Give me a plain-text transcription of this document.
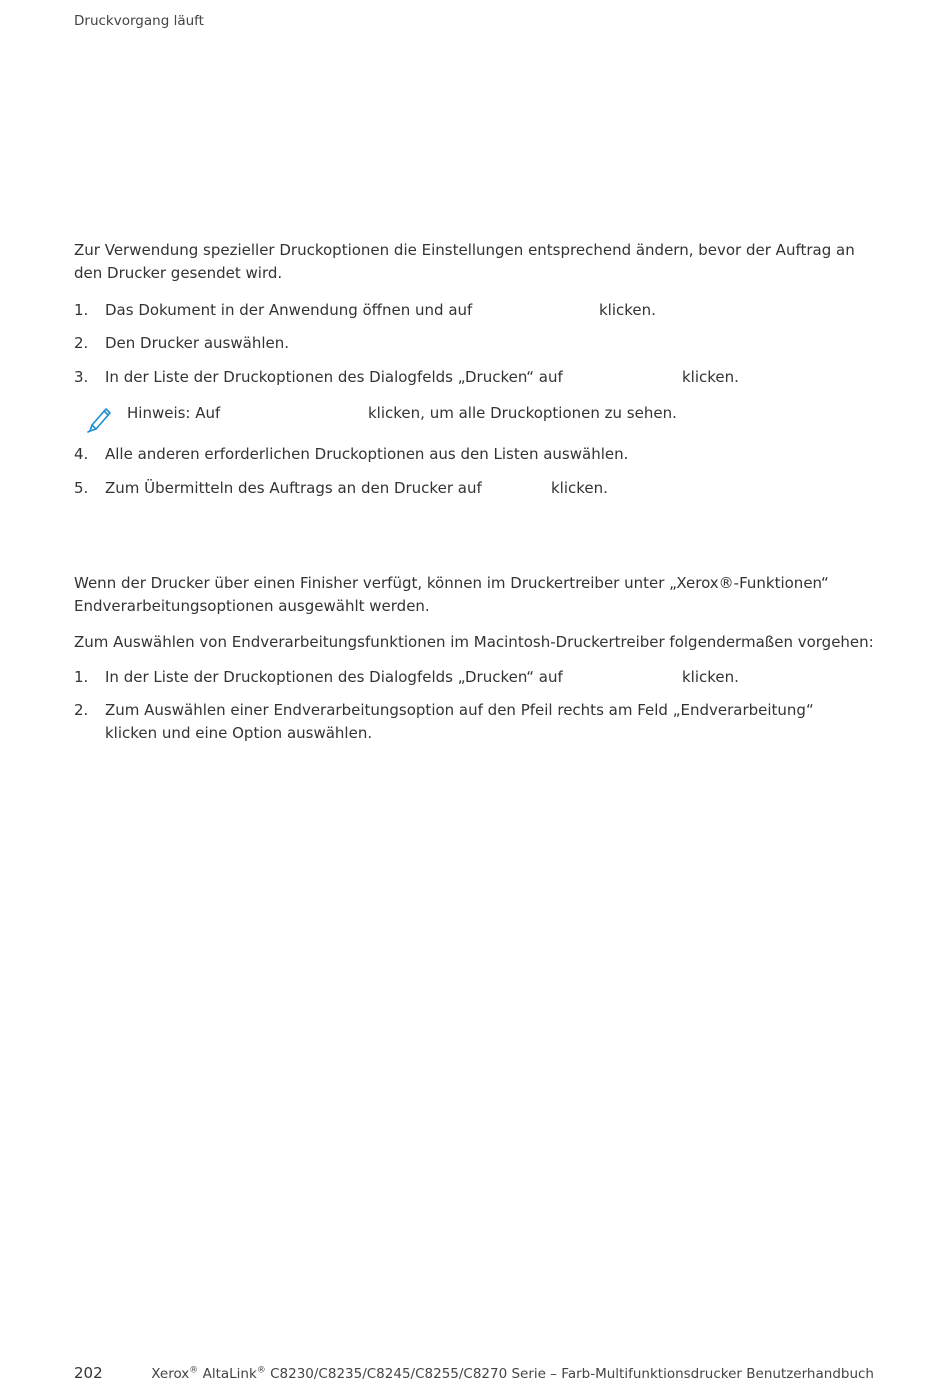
Druckvorgang läuft

Zur Verwendung spezieller Druckoptionen die Einstellungen entsprechend ändern, bevor der Auftrag an den Drucker gesendet wird.

1. Das Dokument in der Anwendung öffnen und auf	klicken.
2. Den Drucker auswählen.
3. In der Liste der Druckoptionen des Dialogfelds „Drucken“ auf	klicken.
Hinweis: Auf	klicken, um alle Druckoptionen zu sehen.
4. Alle anderen erforderlichen Druckoptionen aus den Listen auswählen.
5. Zum Übermitteln des Auftrags an den Drucker auf	klicken.

Wenn der Drucker über einen Finisher verfügt, können im Druckertreiber unter „Xerox®-Funktionen“ Endverarbeitungsoptionen ausgewählt werden.

Zum Auswählen von Endverarbeitungsfunktionen im Macintosh-Druckertreiber folgendermaßen vorgehen:

1. In der Liste der Druckoptionen des Dialogfelds „Drucken“ auf	klicken.
2. Zum Auswählen einer Endverarbeitungsoption auf den Pfeil rechts am Feld „Endverarbeitung“ klicken und eine Option auswählen.
202	Xerox® AltaLink® C8230/C8235/C8245/C8255/C8270 Serie – Farb-Multifunktionsdrucker Benutzerhandbuch
